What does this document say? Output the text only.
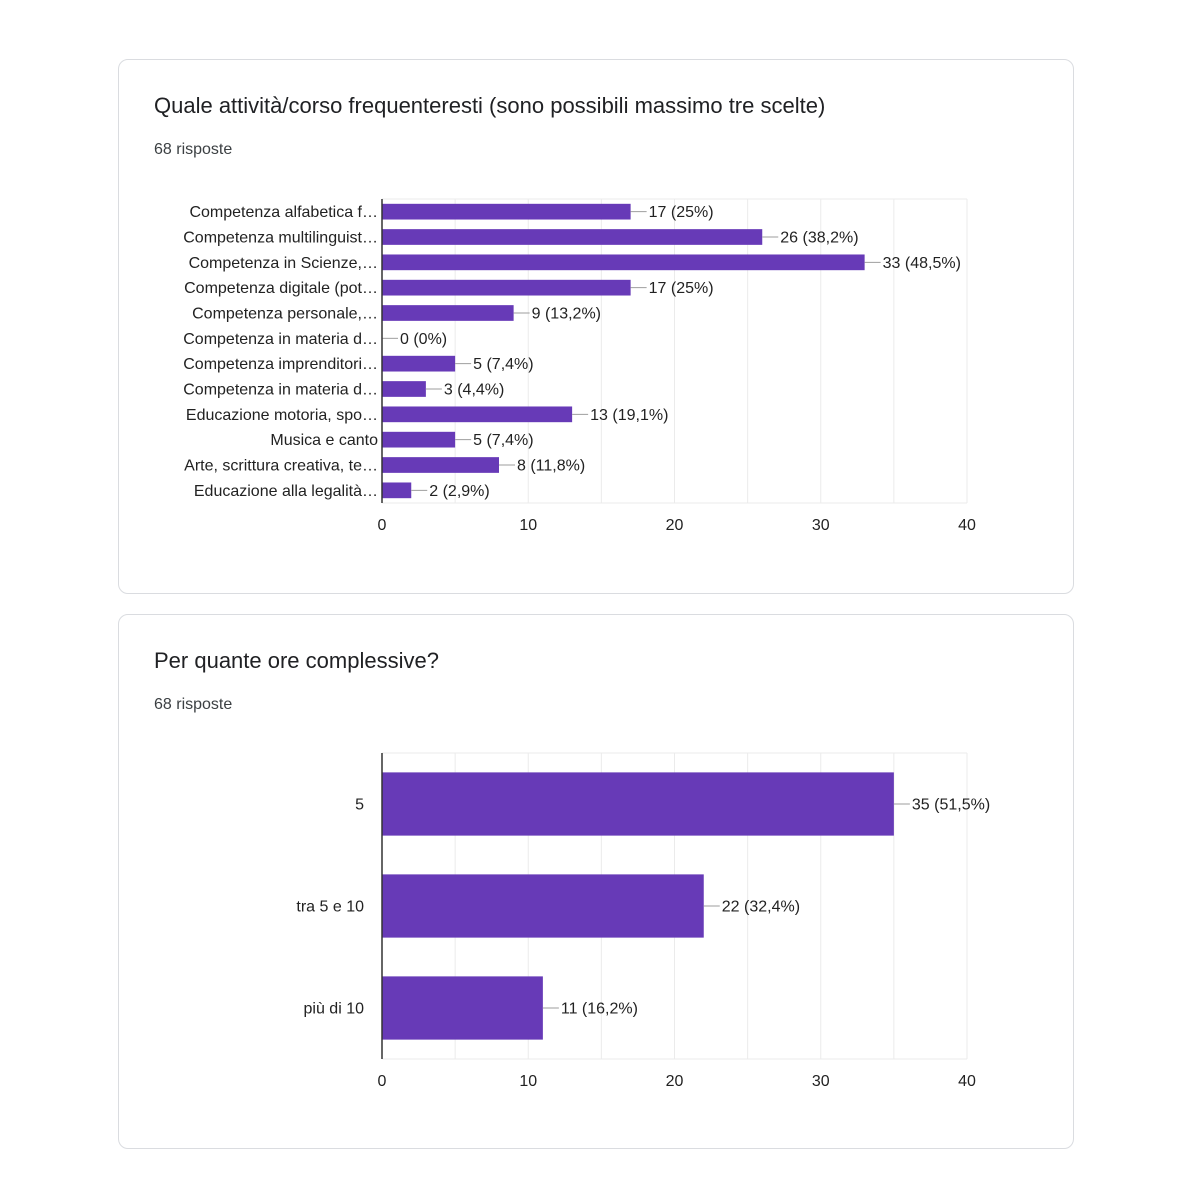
Quale attività/corso frequenteresti (sono possibili massimo tre scelte)
68 risposte
17 (25%)
Competenza alfabetica f…
26 (38,2%)
Competenza multilinguist…
33 (48,5%)
Competenza in Scienze,…
17 (25%)
Competenza digitale (pot…
9 (13,2%)
Competenza personale,…
0 (0%)
Competenza in materia d…
5 (7,4%)
Competenza imprenditori…
3 (4,4%)
Competenza in materia d…
13 (19,1%)
Educazione motoria, spo…
5 (7,4%)
Musica e canto
8 (11,8%)
Arte, scrittura creativa, te…
2 (2,9%)
Educazione alla legalità…
0	10	20	30	40
Per quante ore complessive?
68 risposte
35 (51,5%)
5
22 (32,4%)
tra 5 e 10
11 (16,2%)
più di 10
0	10	20	30	40
